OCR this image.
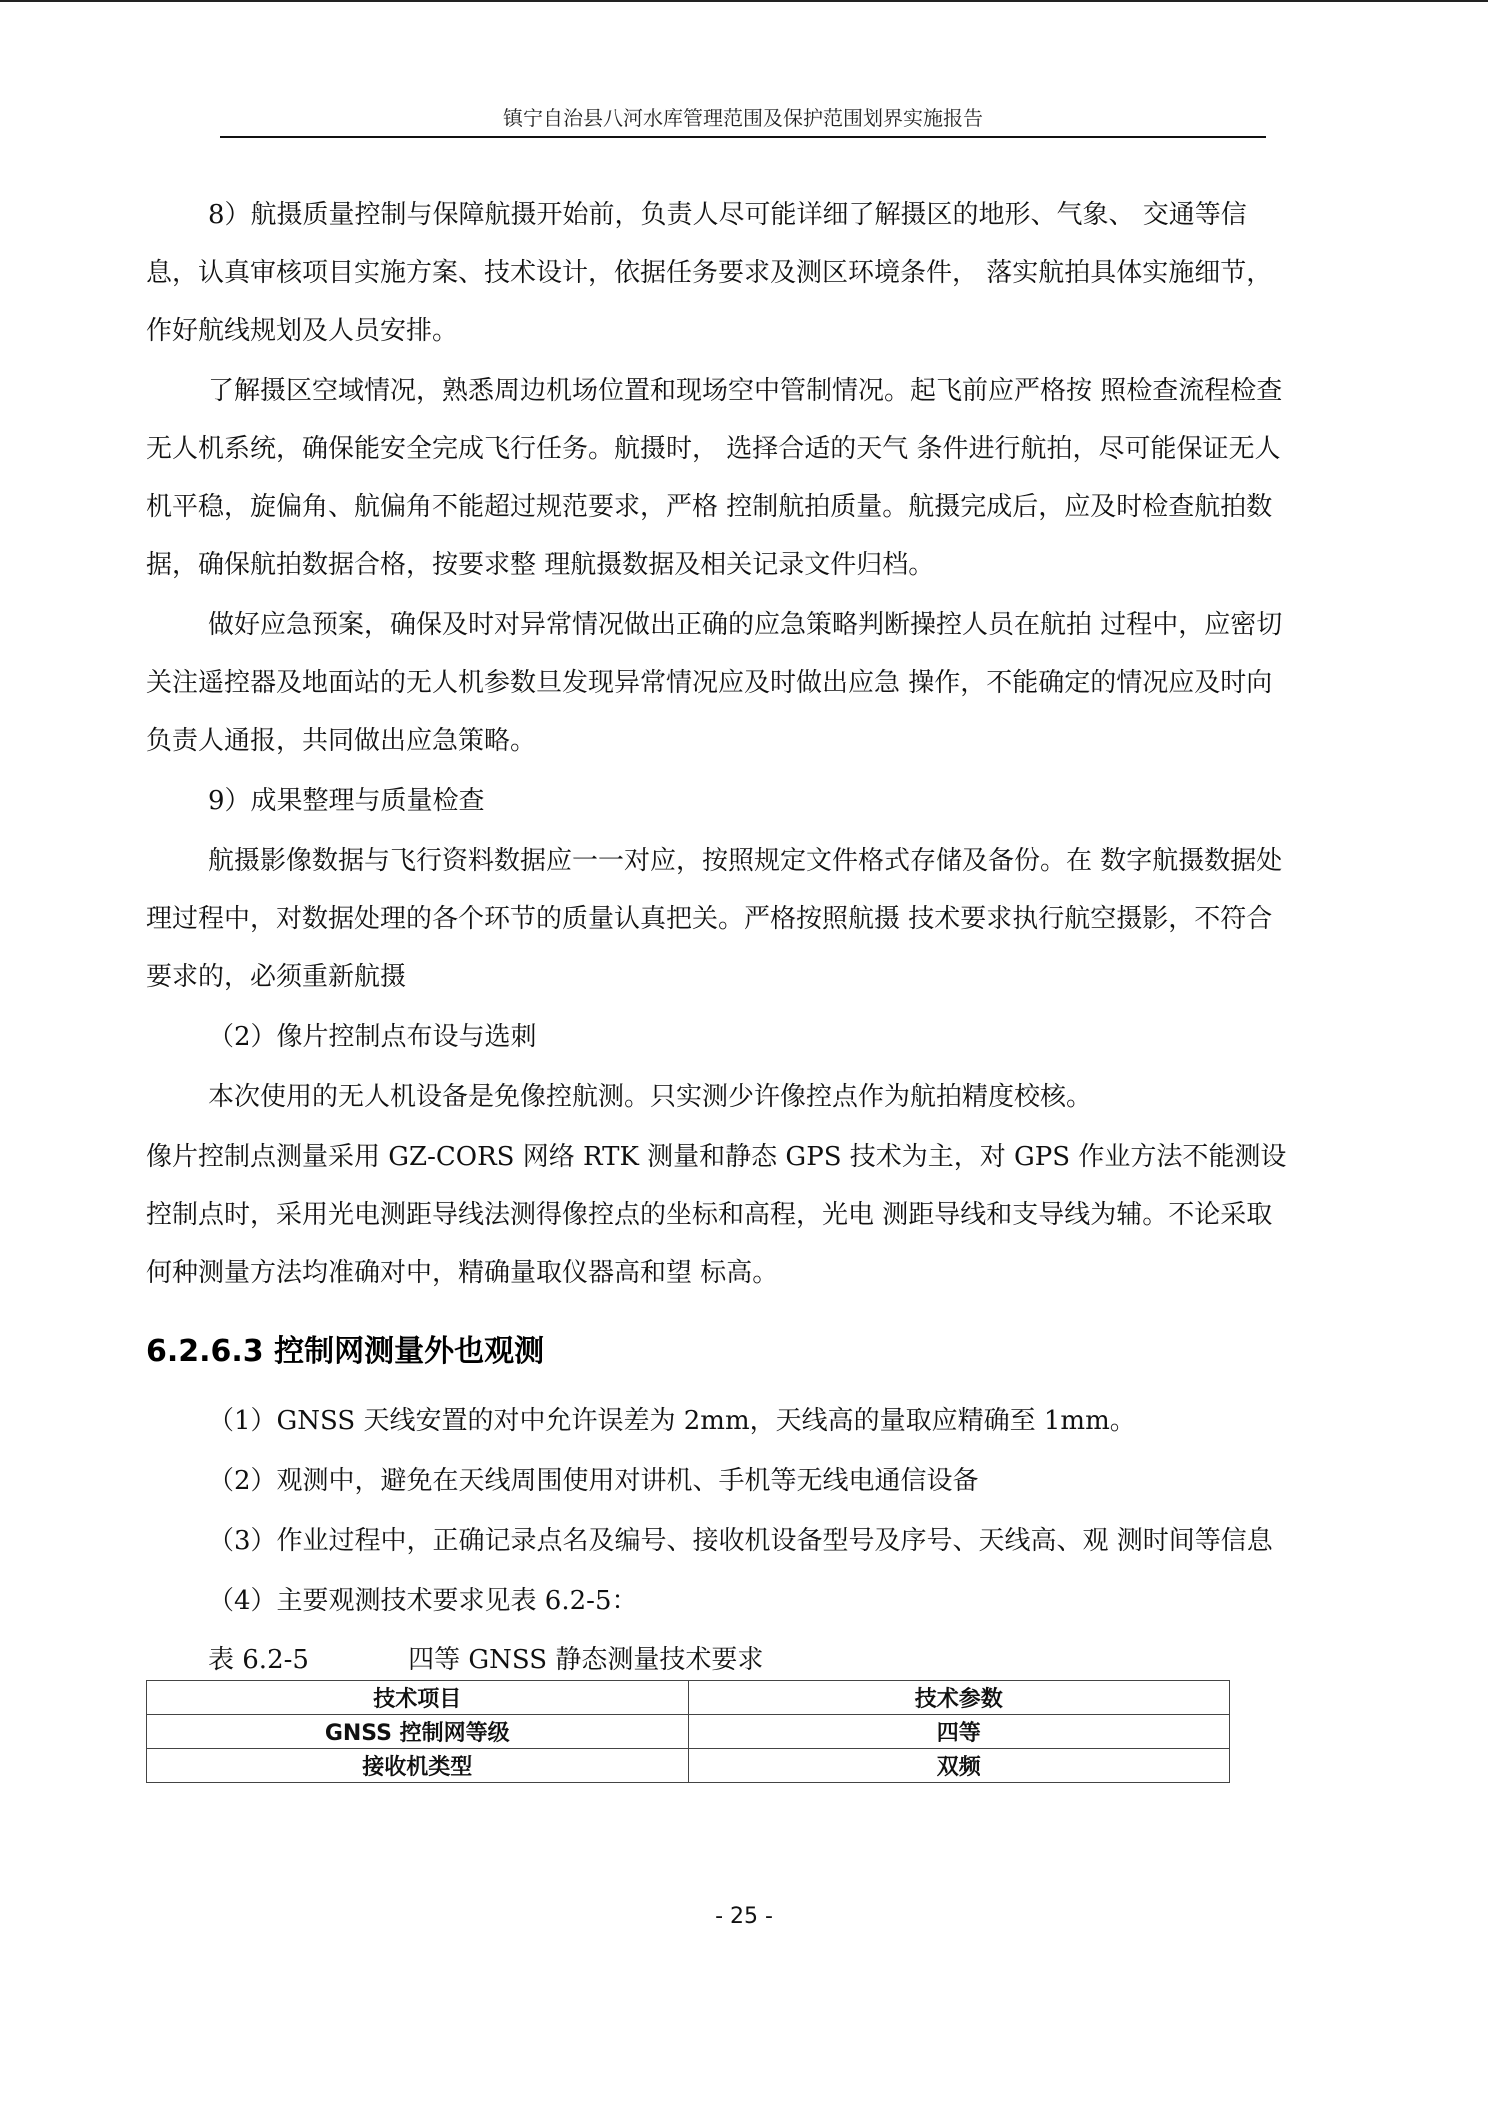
镇宁自治县八河水库管理范围及保护范围划界实施报告

8）航摄质量控制与保障航摄开始前，负责人尽可能详细了解摄区的地形、气象、 交通等信息，认真审核项目实施方案、技术设计，依据任务要求及测区环境条件， 落实航拍具体实施细节，作好航线规划及人员安排。

了解摄区空域情况，熟悉周边机场位置和现场空中管制情况。起飞前应严格按 照检查流程检查无人机系统，确保能安全完成飞行任务。航摄时， 选择合适的天气 条件进行航拍，尽可能保证无人机平稳，旋偏角、航偏角不能超过规范要求，严格 控制航拍质量。航摄完成后，应及时检查航拍数据，确保航拍数据合格，按要求整 理航摄数据及相关记录文件归档。

做好应急预案，确保及时对异常情况做出正确的应急策略判断操控人员在航拍 过程中，应密切关注遥控器及地面站的无人机参数旦发现异常情况应及时做出应急 操作，不能确定的情况应及时向负责人通报，共同做出应急策略。

9）成果整理与质量检查

航摄影像数据与飞行资料数据应一一对应，按照规定文件格式存储及备份。在 数字航摄数据处理过程中，对数据处理的各个环节的质量认真把关。严格按照航摄 技术要求执行航空摄影，不符合要求的，必须重新航摄

（2）像片控制点布设与选刺

本次使用的无人机设备是免像控航测。只实测少许像控点作为航拍精度校核。

像片控制点测量采用 GZ-CORS 网络 RTK 测量和静态 GPS 技术为主，对 GPS 作业方法不能测设控制点时，采用光电测距导线法测得像控点的坐标和高程，光电 测距导线和支导线为辅。不论采取何种测量方法均准确对中，精确量取仪器高和望 标高。

6.2.6.3 控制网测量外也观测

（1）GNSS 天线安置的对中允许误差为 2mm，天线高的量取应精确至 1mm。

（2）观测中，避免在天线周围使用对讲机、手机等无线电通信设备

（3）作业过程中，正确记录点名及编号、接收机设备型号及序号、天线高、观 测时间等信息

（4）主要观测技术要求见表 6.2-5：

表 6.2-5	四等 GNSS 静态测量技术要求
技术项目	技术参数
GNSS 控制网等级	四等
接收机类型	双频
- 25 -
